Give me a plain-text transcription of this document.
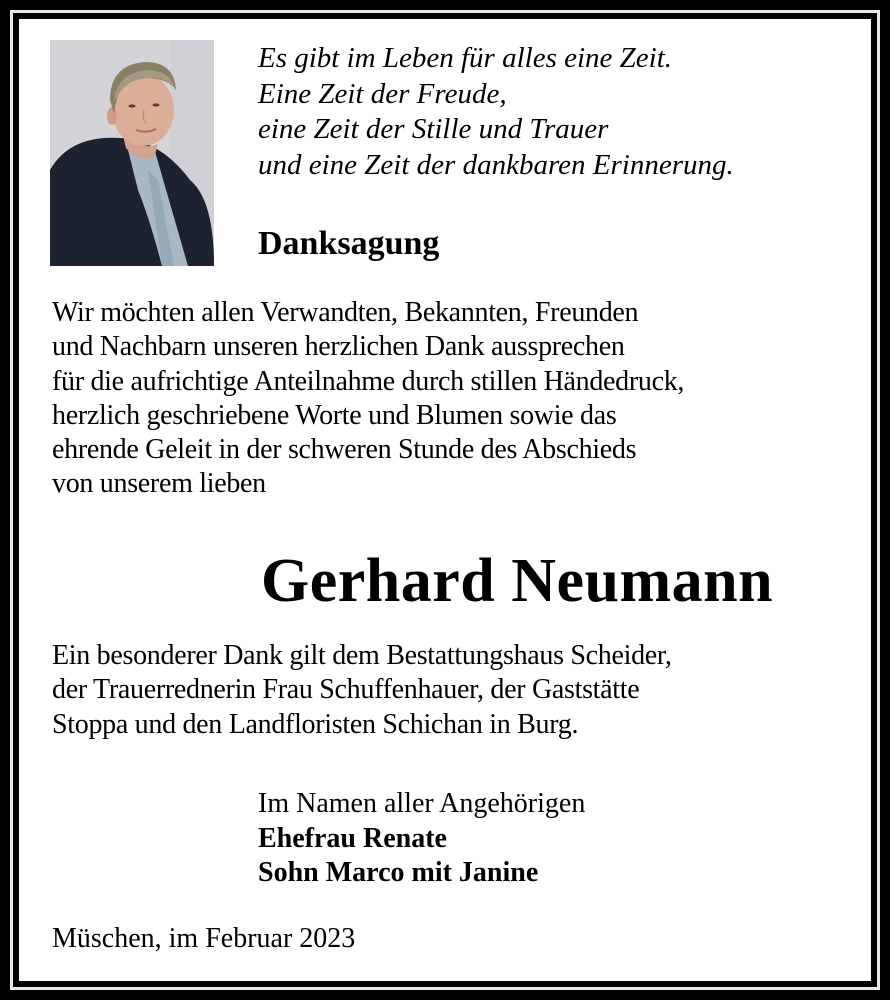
Es gibt im Leben für alles eine Zeit.
Eine Zeit der Freude,
eine Zeit der Stille und Trauer
und eine Zeit der dankbaren Erinnerung.
Danksagung
Wir möchten allen Verwandten, Bekannten, Freunden
und Nachbarn unseren herzlichen Dank aussprechen
für die aufrichtige Anteilnahme durch stillen Händedruck,
herzlich geschriebene Worte und Blumen sowie das
ehrende Geleit in der schweren Stunde des Abschieds
von unserem lieben
Gerhard Neumann
Ein besonderer Dank gilt dem Bestattungshaus Scheider,
der Trauerrednerin Frau Schuffenhauer, der Gaststätte
Stoppa und den Landfloristen Schichan in Burg.
Im Namen aller Angehörigen
Ehefrau Renate
Sohn Marco mit Janine
Müschen, im Februar 2023
